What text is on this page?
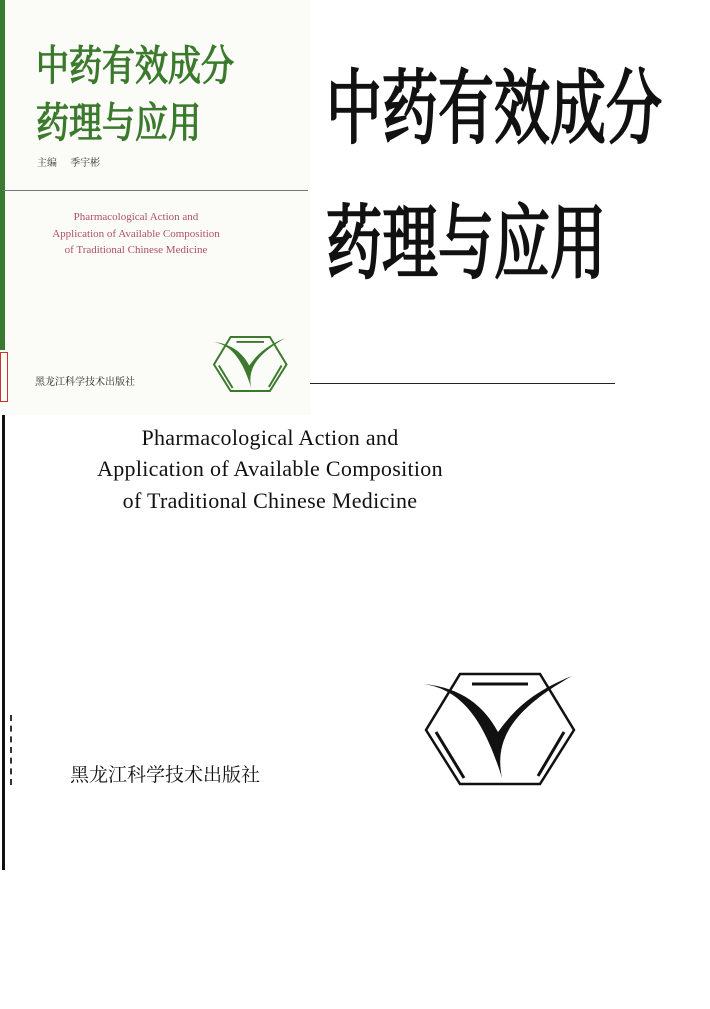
中药有效成分
药理与应用
主编 季宇彬
Pharmacological Action and
Application of Available Composition
of Traditional Chinese Medicine
黑龙江科学技术出版社
中药有效成分
药理与应用
Pharmacological Action and
Application of Available Composition
of Traditional Chinese Medicine
黑龙江科学技术出版社
